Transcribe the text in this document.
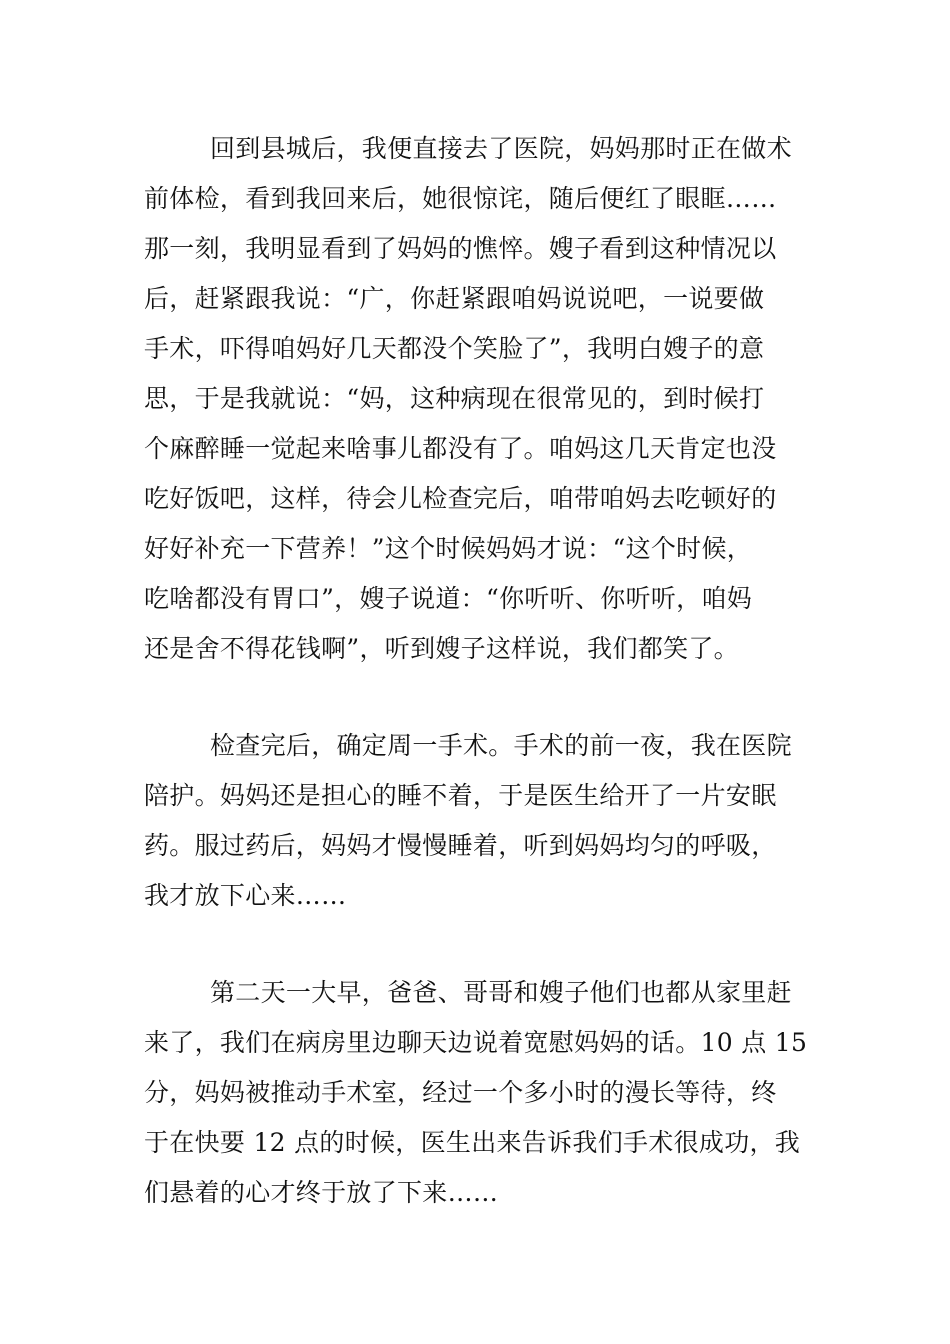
回到县城后，我便直接去了医院，妈妈那时正在做术
前体检，看到我回来后，她很惊诧，随后便红了眼眶……
那一刻，我明显看到了妈妈的憔悴。嫂子看到这种情况以
后，赶紧跟我说：“广，你赶紧跟咱妈说说吧，一说要做
手术，吓得咱妈好几天都没个笑脸了”，我明白嫂子的意
思，于是我就说：“妈，这种病现在很常见的，到时候打
个麻醉睡一觉起来啥事儿都没有了。咱妈这几天肯定也没
吃好饭吧，这样，待会儿检查完后，咱带咱妈去吃顿好的
好好补充一下营养！”这个时候妈妈才说：“这个时候，
吃啥都没有胃口”，嫂子说道：“你听听、你听听，咱妈
还是舍不得花钱啊”，听到嫂子这样说，我们都笑了。
检查完后，确定周一手术。手术的前一夜，我在医院
陪护。妈妈还是担心的睡不着，于是医生给开了一片安眠
药。服过药后，妈妈才慢慢睡着，听到妈妈均匀的呼吸，
我才放下心来……
第二天一大早，爸爸、哥哥和嫂子他们也都从家里赶
来了，我们在病房里边聊天边说着宽慰妈妈的话。10 点 15
分，妈妈被推动手术室，经过一个多小时的漫长等待，终
于在快要 12 点的时候，医生出来告诉我们手术很成功，我
们悬着的心才终于放了下来……
